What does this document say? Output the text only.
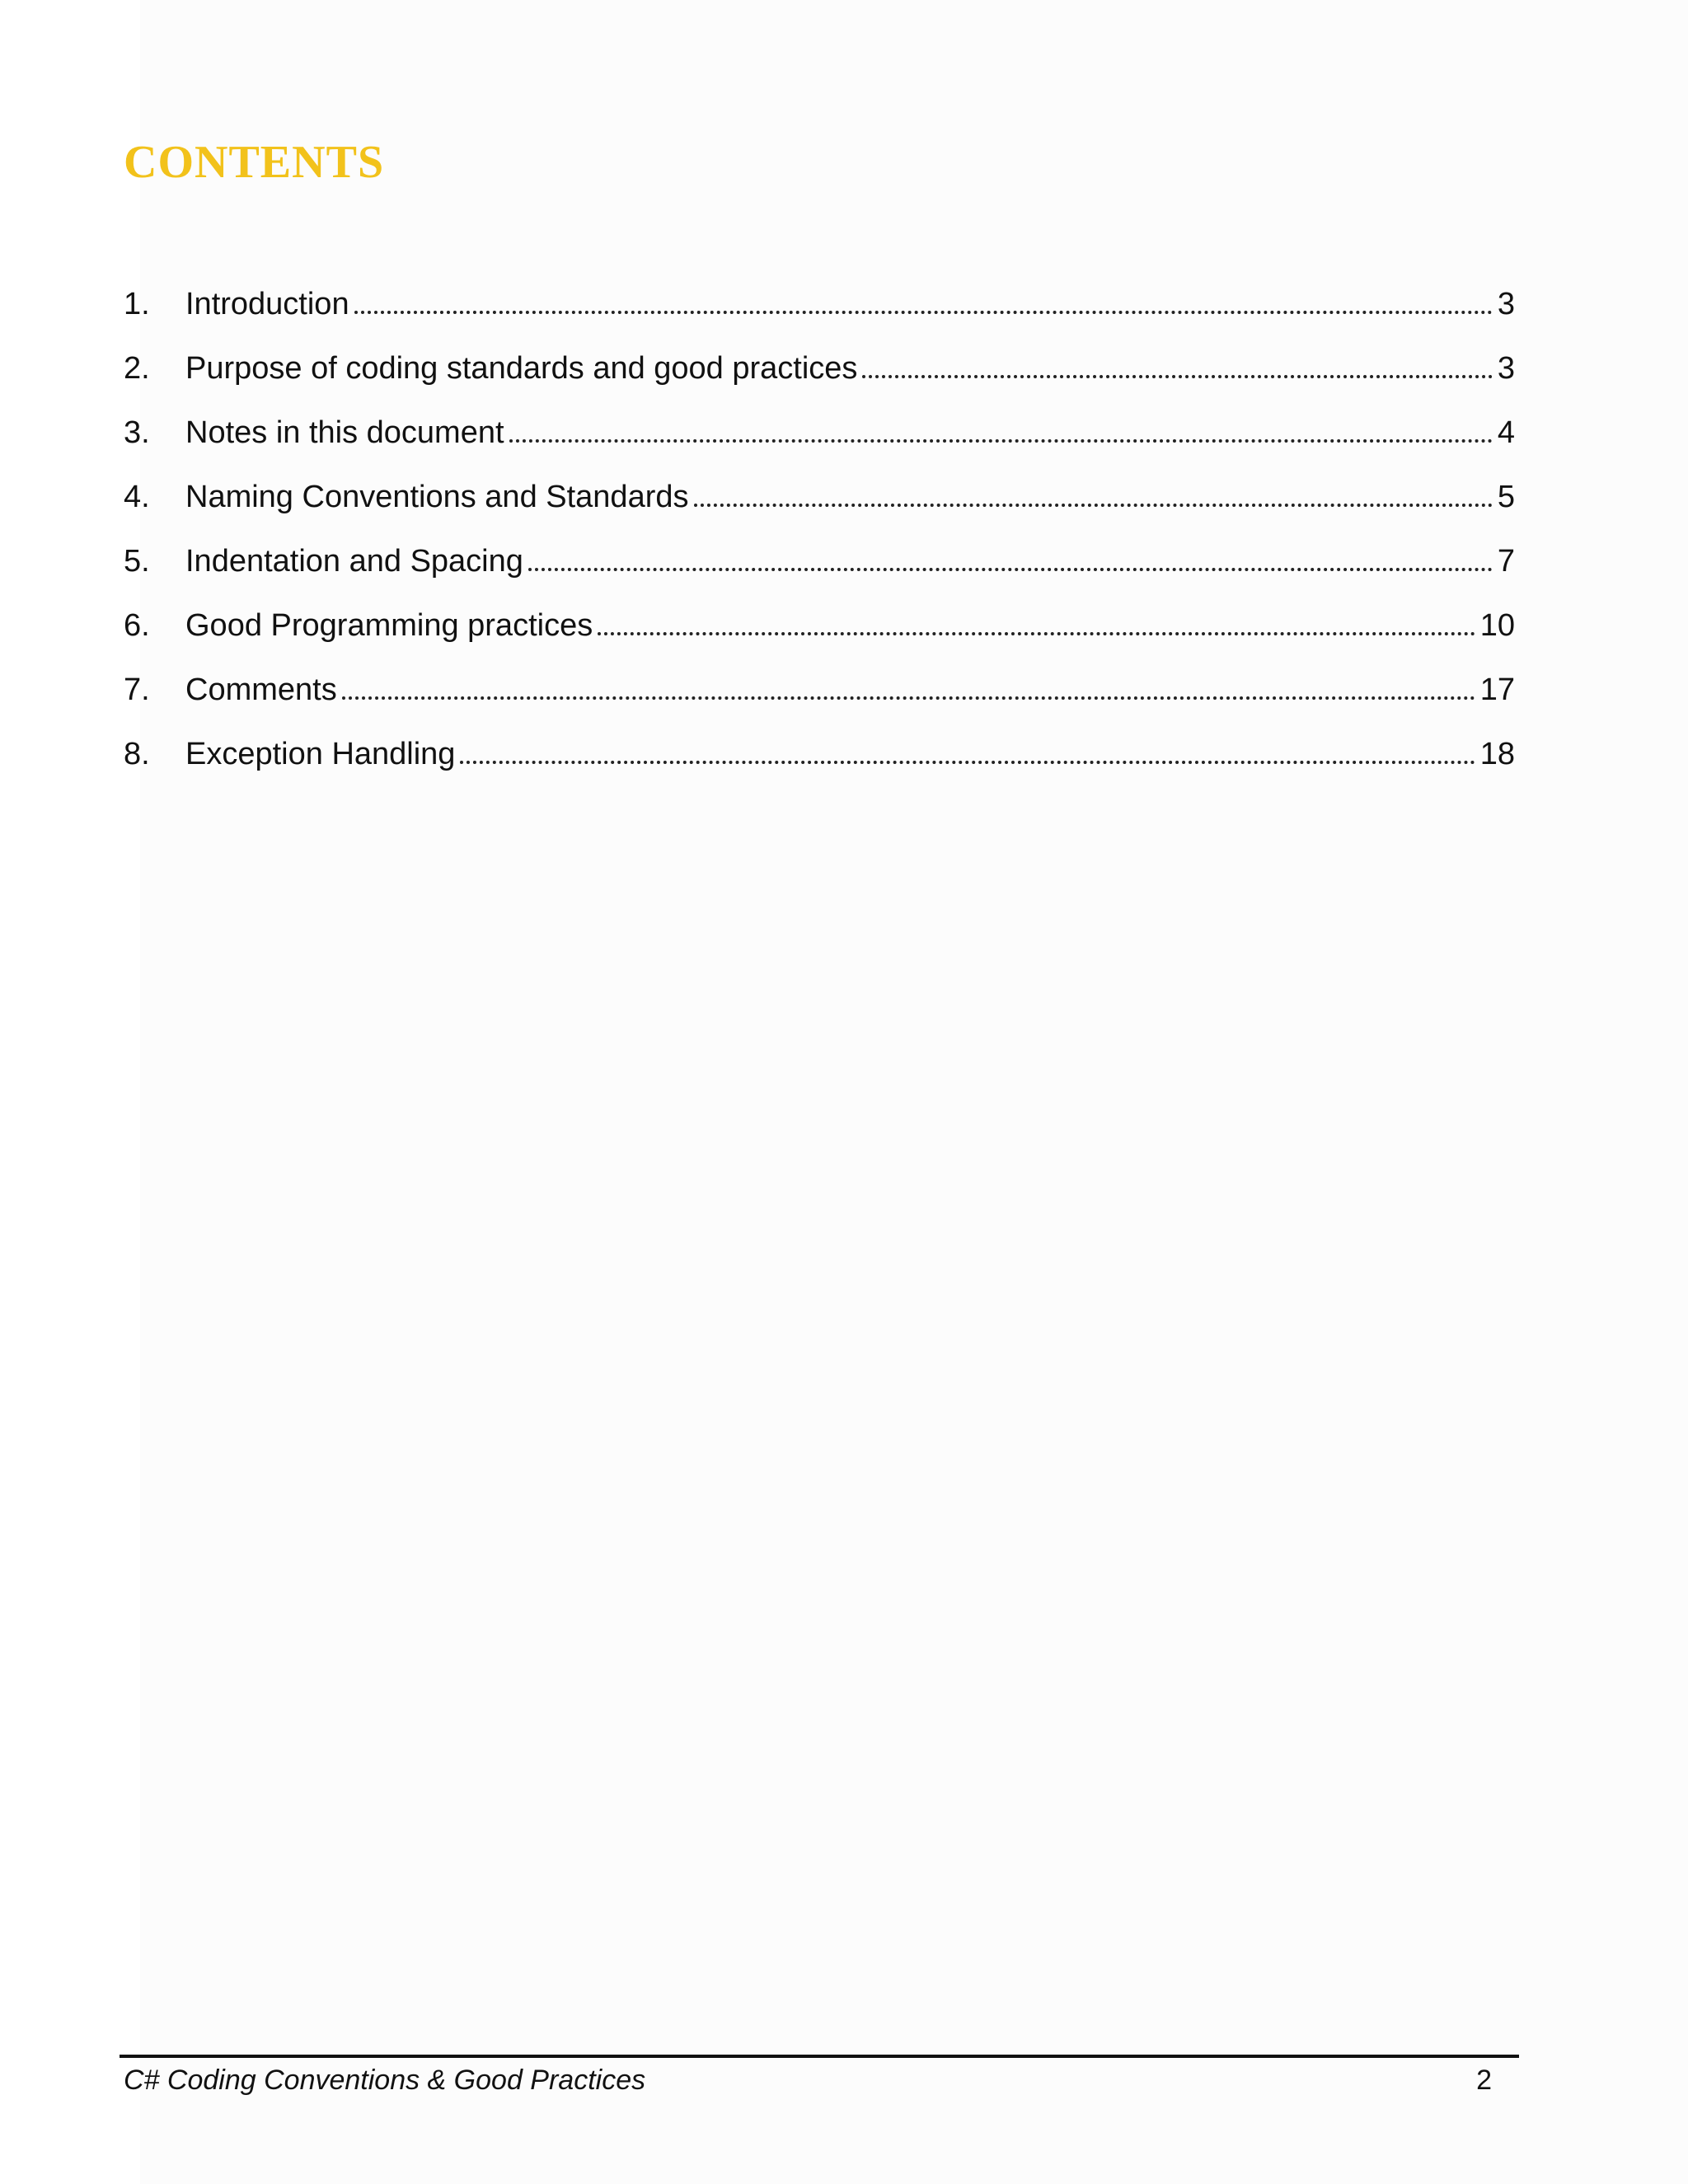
CONTENTS
1.	Introduction	3
2.	Purpose of coding standards and good practices	3
3.	Notes in this document	4
4.	Naming Conventions and Standards	5
5.	Indentation and Spacing	7
6.	Good Programming practices	10
7.	Comments	17
8.	Exception Handling	18
C# Coding Conventions & Good Practices	2
